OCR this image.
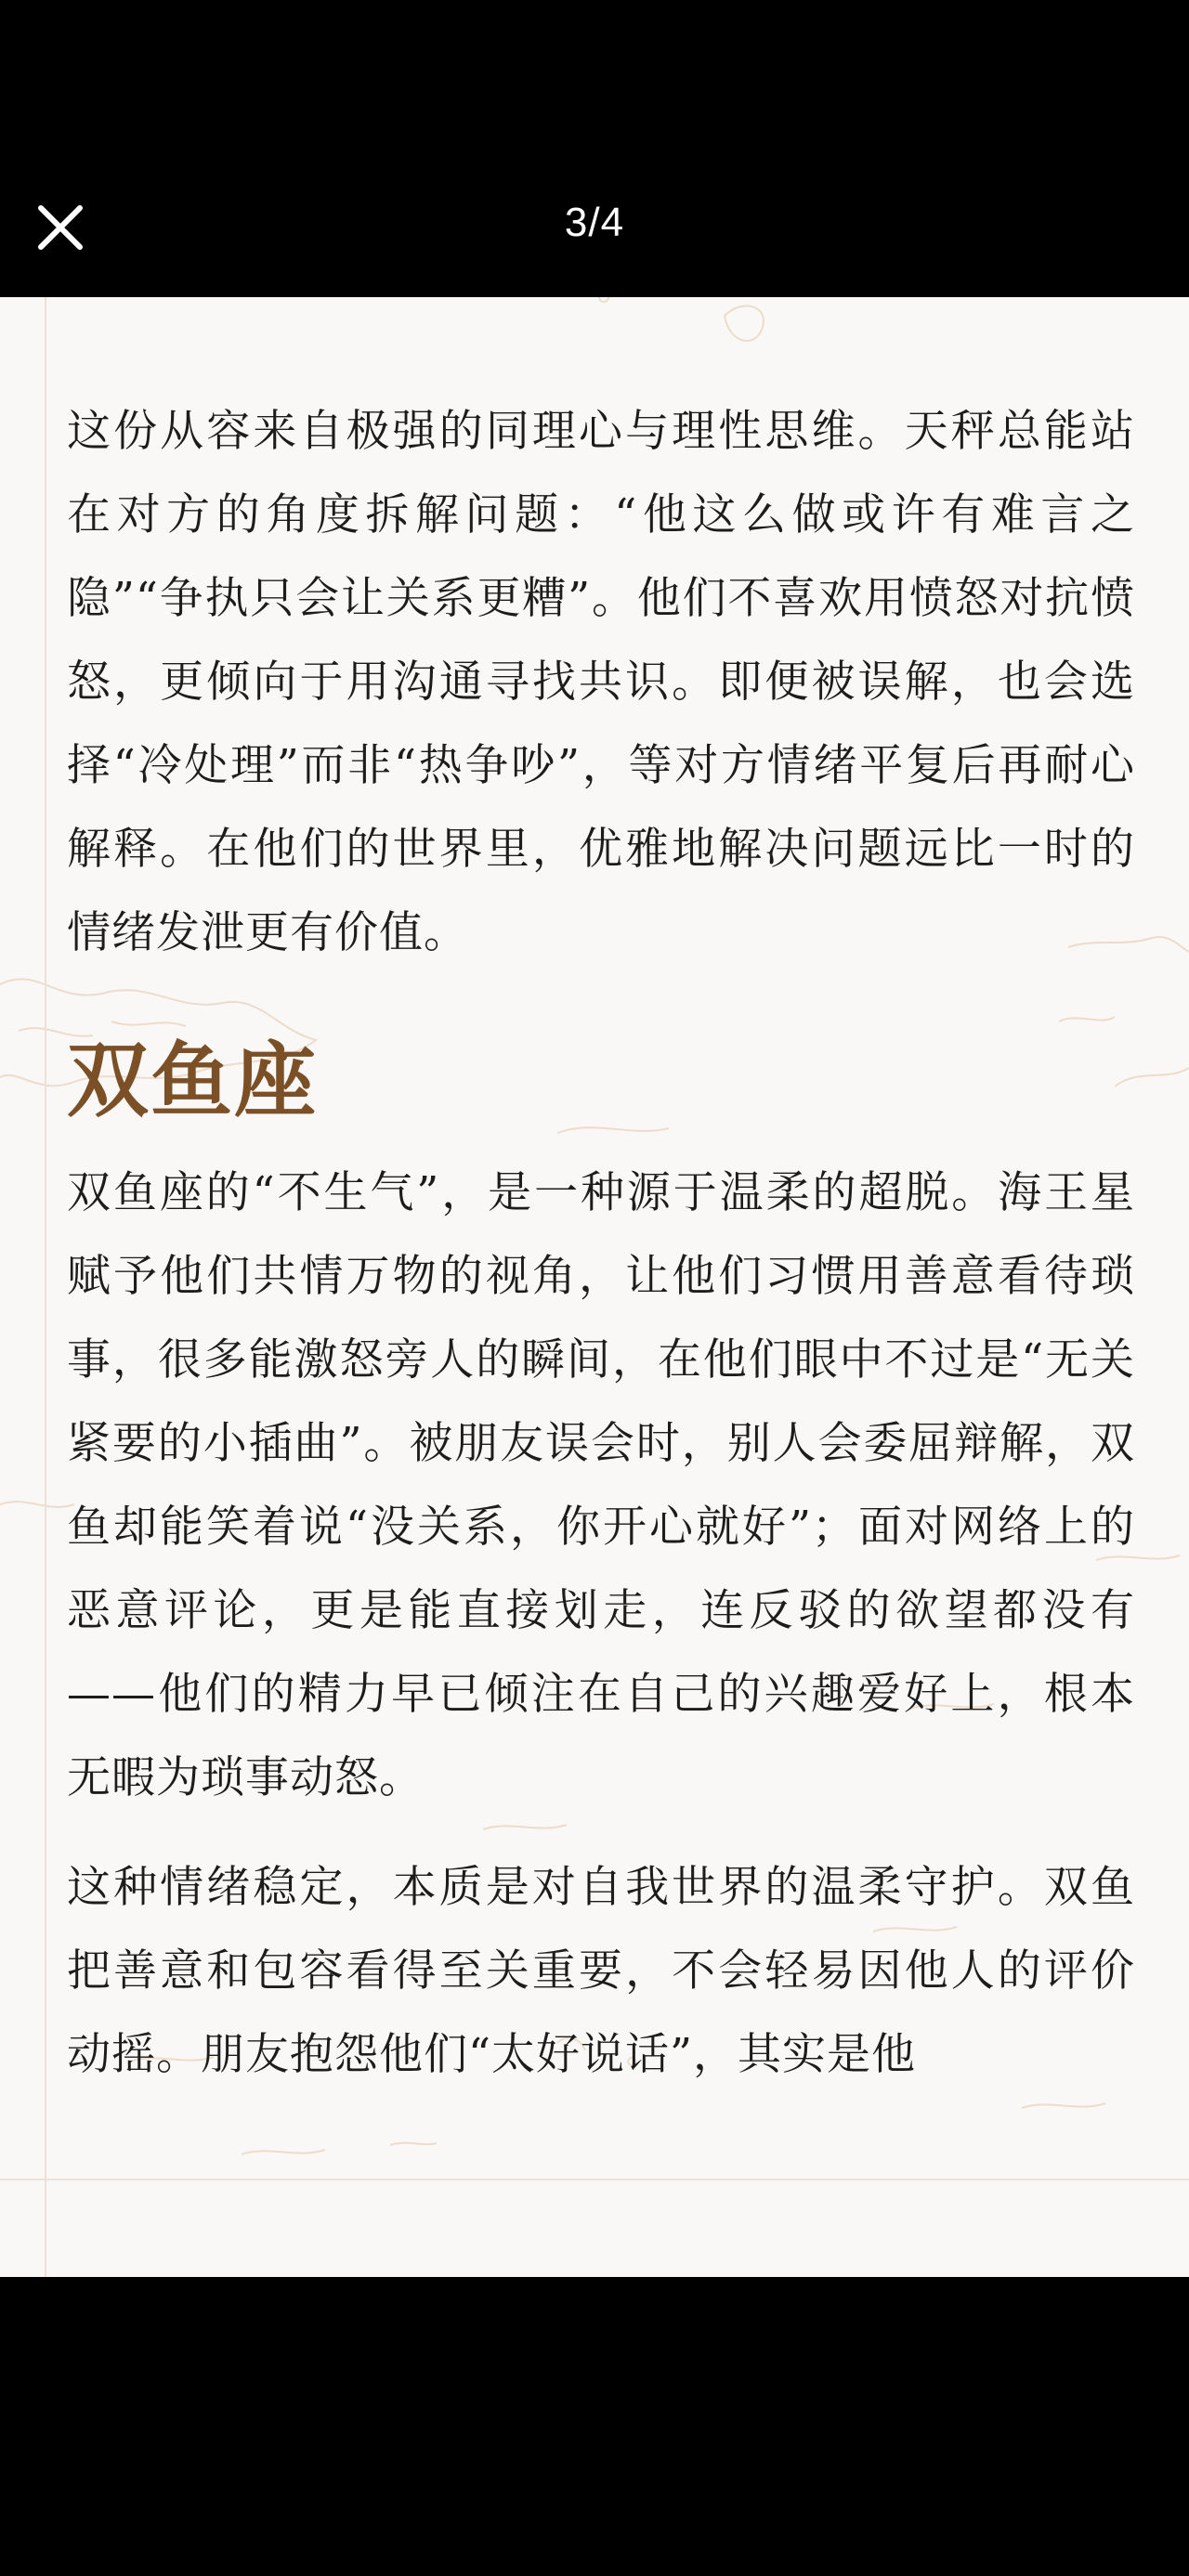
3/4

这份从容来自极强的同理心与理性思维。天秤总能站在对方的角度拆解问题：“他这么做或许有难言之隐”“争执只会让关系更糟”。他们不喜欢用愤怒对抗愤怒，更倾向于用沟通寻找共识。即便被误解，也会选择“冷处理”而非“热争吵”，等对方情绪平复后再耐心解释。在他们的世界里，优雅地解决问题远比一时的情绪发泄更有价值。

双鱼座

双鱼座的“不生气”，是一种源于温柔的超脱。海王星赋予他们共情万物的视角，让他们习惯用善意看待琐事，很多能激怒旁人的瞬间，在他们眼中不过是“无关紧要的小插曲”。被朋友误会时，别人会委屈辩解，双鱼却能笑着说“没关系，你开心就好”；面对网络上的恶意评论，更是能直接划走，连反驳的欲望都没有——他们的精力早已倾注在自己的兴趣爱好上，根本无暇为琐事动怒。

这种情绪稳定，本质是对自我世界的温柔守护。双鱼把善意和包容看得至关重要，不会轻易因他人的评价动摇。朋友抱怨他们“太好说话”，其实是他
